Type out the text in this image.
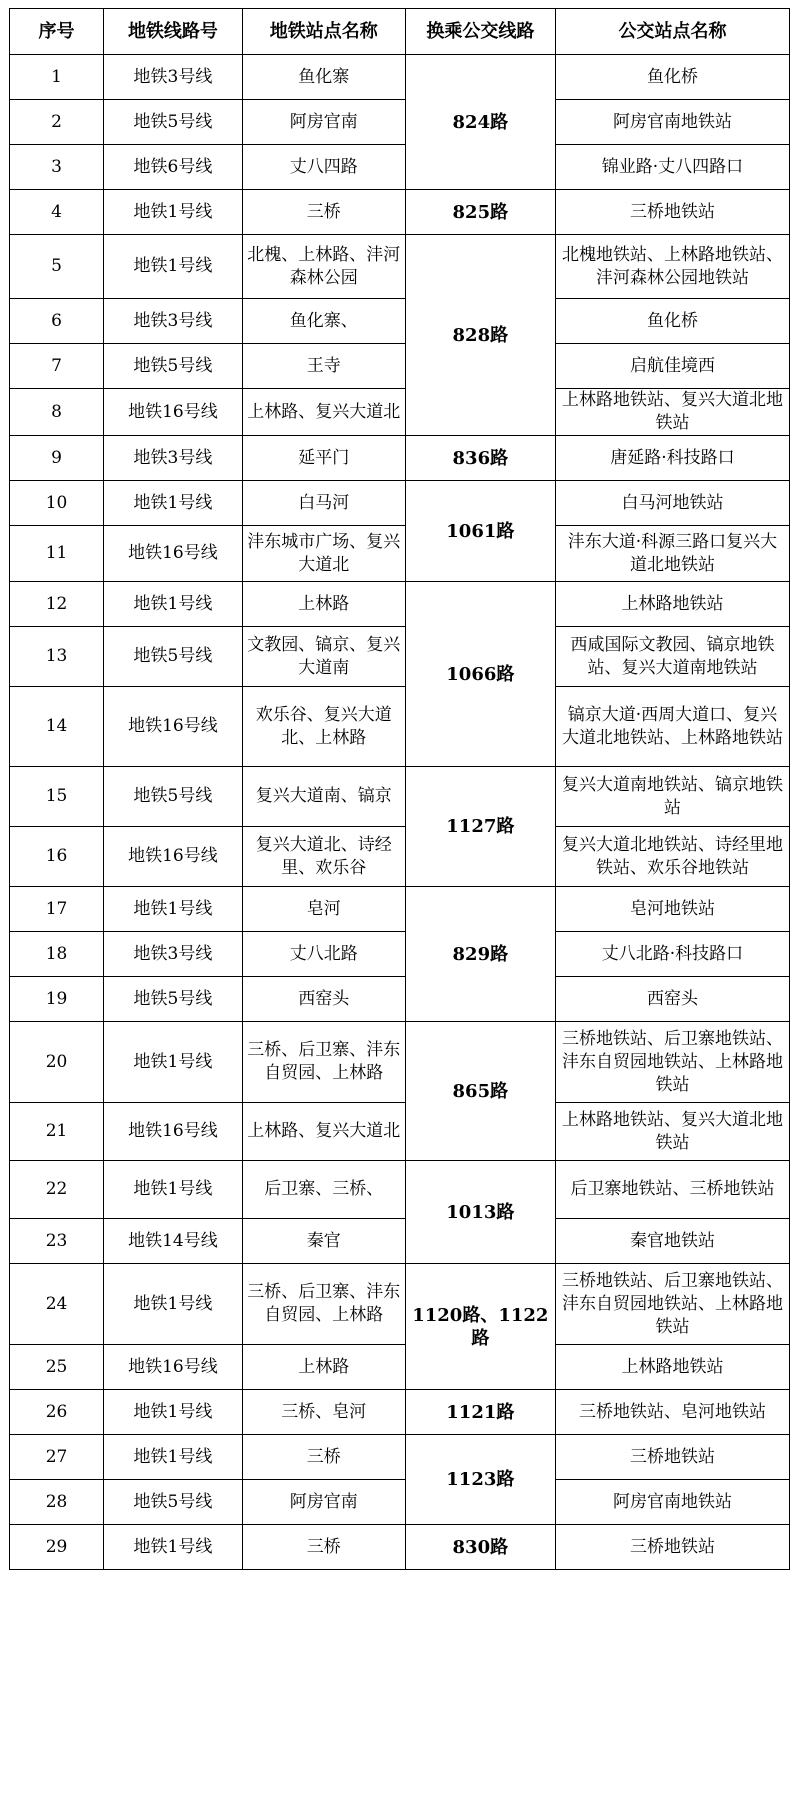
序号	地铁线路号	地铁站点名称	换乘公交线路	公交站点名称
1	地铁3号线	鱼化寨	824路	鱼化桥
2	地铁5号线	阿房官南		阿房官南地铁站
3	地铁6号线	丈八四路		锦业路·丈八四路口
4	地铁1号线	三桥	825路	三桥地铁站
5	地铁1号线	北槐、上林路、沣河森林公园	828路	北槐地铁站、上林路地铁站、沣河森林公园地铁站
6	地铁3号线	鱼化寨、		鱼化桥
7	地铁5号线	王寺		启航佳境西
8	地铁16号线	上林路、复兴大道北		上林路地铁站、复兴大道北地铁站
9	地铁3号线	延平门	836路	唐延路·科技路口
10	地铁1号线	白马河	1061路	白马河地铁站
11	地铁16号线	沣东城市广场、复兴大道北		沣东大道·科源三路口复兴大道北地铁站
12	地铁1号线	上林路	1066路	上林路地铁站
13	地铁5号线	文教园、镐京、复兴大道南		西咸国际文教园、镐京地铁站、复兴大道南地铁站
14	地铁16号线	欢乐谷、复兴大道北、上林路		镐京大道·西周大道口、复兴大道北地铁站、上林路地铁站
15	地铁5号线	复兴大道南、镐京	1127路	复兴大道南地铁站、镐京地铁站
16	地铁16号线	复兴大道北、诗经里、欢乐谷		复兴大道北地铁站、诗经里地铁站、欢乐谷地铁站
17	地铁1号线	皂河	829路	皂河地铁站
18	地铁3号线	丈八北路		丈八北路·科技路口
19	地铁5号线	西窑头		西窑头
20	地铁1号线	三桥、后卫寨、沣东自贸园、上林路	865路	三桥地铁站、后卫寨地铁站、沣东自贸园地铁站、上林路地铁站
21	地铁16号线	上林路、复兴大道北		上林路地铁站、复兴大道北地铁站
22	地铁1号线	后卫寨、三桥、	1013路	后卫寨地铁站、三桥地铁站
23	地铁14号线	秦官		秦官地铁站
24	地铁1号线	三桥、后卫寨、沣东自贸园、上林路	1120路、1122路	三桥地铁站、后卫寨地铁站、沣东自贸园地铁站、上林路地铁站
25	地铁16号线	上林路		上林路地铁站
26	地铁1号线	三桥、皂河	1121路	三桥地铁站、皂河地铁站
27	地铁1号线	三桥	1123路	三桥地铁站
28	地铁5号线	阿房官南		阿房官南地铁站
29	地铁1号线	三桥	830路	三桥地铁站
